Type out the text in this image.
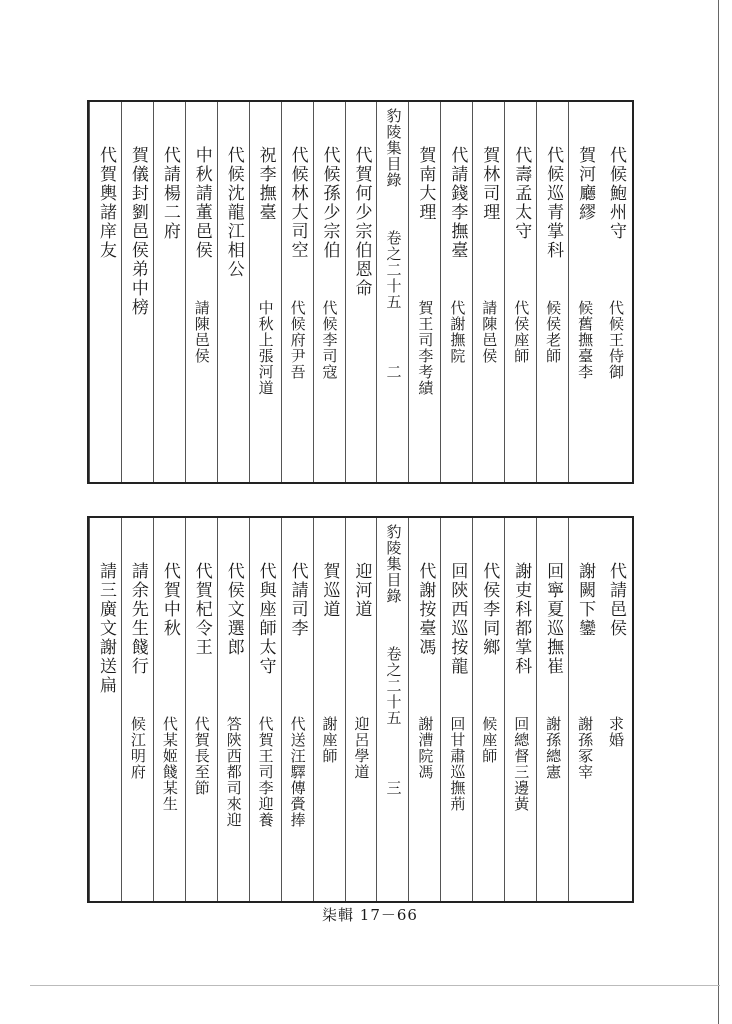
代候鮑州守
代候王侍御
賀河廳繆
候舊撫臺李
代候巡青掌科
候侯老師
代壽孟太守
代侯座師
賀林司理
請陳邑侯
代請錢李撫臺
代謝撫院
賀南大理
賀王司李考績
豹陵集目錄
卷之二十五
二
代賀何少宗伯恩命
代候孫少宗伯
代候李司寇
代候林大司空
代候府尹吾
祝李撫臺
中秋上張河道
代候沈龍江相公
中秋請董邑侯
請陳邑侯
代請楊二府
賀儀封劉邑侯弟中榜
代賀輿諸庠友
代請邑侯
求婚
謝闕下鑾
謝孫冢宰
回寧夏巡撫崔
謝孫總憲
謝吏科都掌科
回總督三邊黃
代侯李同鄉
候座師
回陝西巡按龍
回甘肅巡撫荊
代謝按臺馮
謝漕院馮
豹陵集目錄
卷之二十五
三
迎河道
迎呂學道
賀巡道
謝座師
代請司李
代送汪驛傳賫捧
代與座師太守
代賀王司李迎養
代侯文選郎
答陝西都司來迎
代賀杞令王
代賀長至節
代賀中秋
代某姬餞某生
請余先生餞行
候江明府
請三廣文謝送扁
柒輯 17－66
